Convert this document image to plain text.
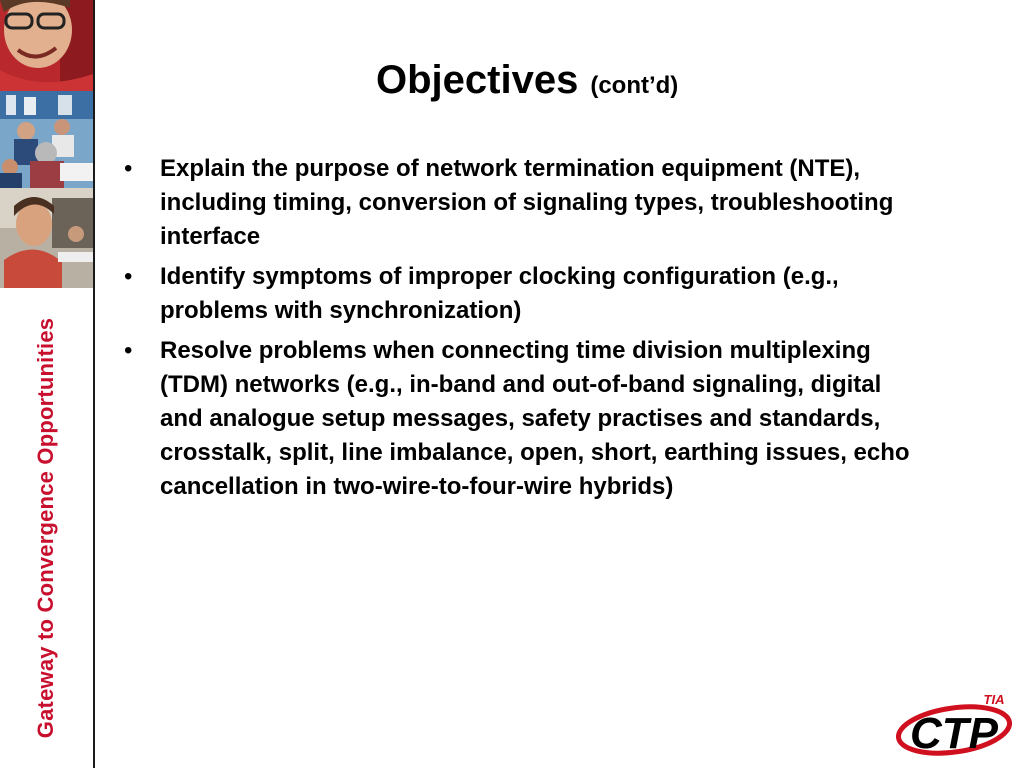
Gateway to Convergence Opportunities
Objectives (cont’d)
• Explain the purpose of network termination equipment (NTE), including timing, conversion of signaling types, troubleshooting interface
• Identify symptoms of improper clocking configuration (e.g., problems with synchronization)
• Resolve problems when connecting time division multiplexing (TDM) networks (e.g., in-band and out-of-band signaling, digital and analogue setup messages, safety practises and standards, crosstalk, split, line imbalance, open, short, earthing issues, echo cancellation in two-wire-to-four-wire hybrids)
CTP
TIA
